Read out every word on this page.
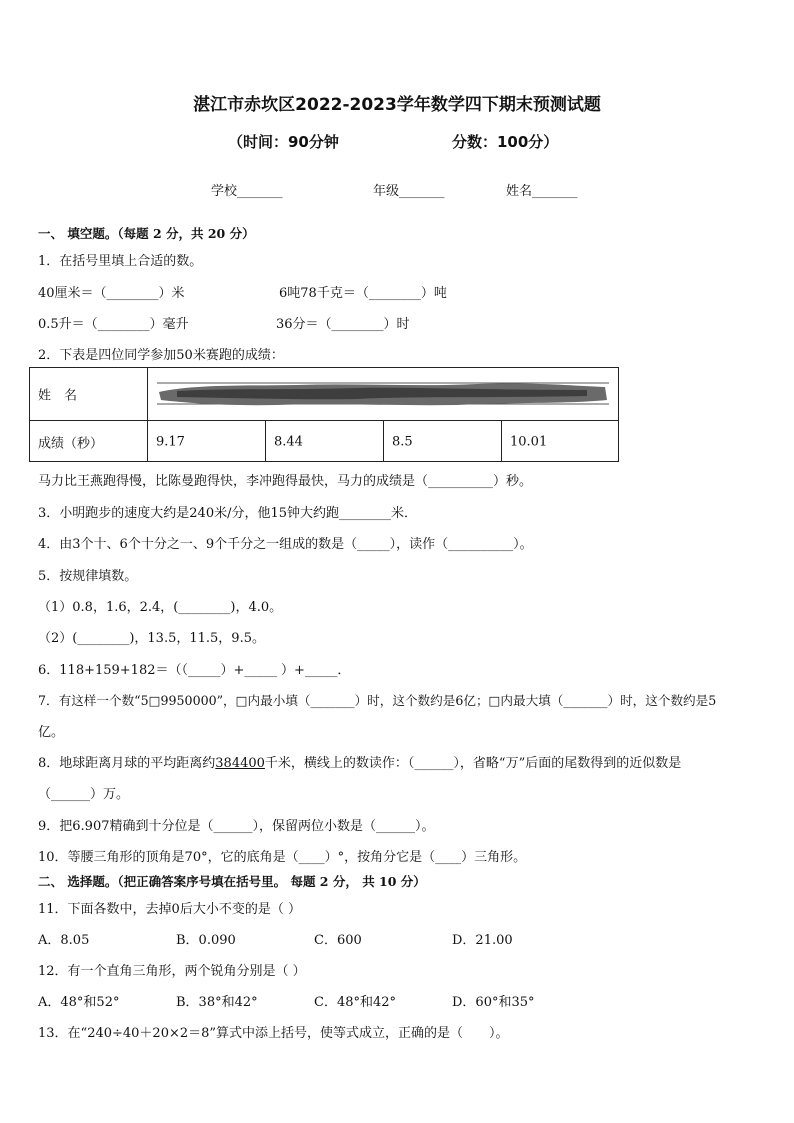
湛江市赤坎区2022-2023学年数学四下期末预测试题
（时间：90分钟	分数：100分）
学校_______	年级_______	姓名_______
一、 填空题。（每题 2 分，共 20 分）
1．在括号里填上合适的数。
40厘米＝（________）米	6吨78千克＝（________）吨
0.5升＝（________）毫升	36分＝（________）时
2．下表是四位同学参加50米赛跑的成绩：
姓　名
成绩（秒）	9.17	8.44	8.5	10.01
马力比王燕跑得慢，比陈曼跑得快，李冲跑得最快，马力的成绩是（__________）秒。
3．小明跑步的速度大约是240米/分，他15钟大约跑________米．
4．由3个十、6个十分之一、9个千分之一组成的数是（_____），读作（__________）。
5．按规律填数。
（1）0.8，1.6，2.4，(________)，4.0。
（2）(________)，13.5，11.5，9.5。
6．118+159+182＝（（_____）+_____ ）+_____．
7．有这样一个数“5□9950000”，□内最小填（_______）时，这个数约是6亿；□内最大填（_______）时，这个数约是5
亿。
8．地球距离月球的平均距离约384400千米，横线上的数读作：（______），省略“万”后面的尾数得到的近似数是
（______）万。
9．把6.907精确到十分位是（______），保留两位小数是（______）。
10．等腰三角形的顶角是70°，它的底角是（____）°，按角分它是（____）三角形。
二、 选择题。（把正确答案序号填在括号里。 每题 2 分， 共 10 分）
11．下面各数中，去掉0后大小不变的是（ ）
A．8.05	B．0.090	C．600	D．21.00
12．有一个直角三角形，两个锐角分别是（ ）
A．48°和52°	B．38°和42°	C．48°和42°	D．60°和35°
13．在“240÷40＋20×2＝8”算式中添上括号，使等式成立，正确的是（　　）。
